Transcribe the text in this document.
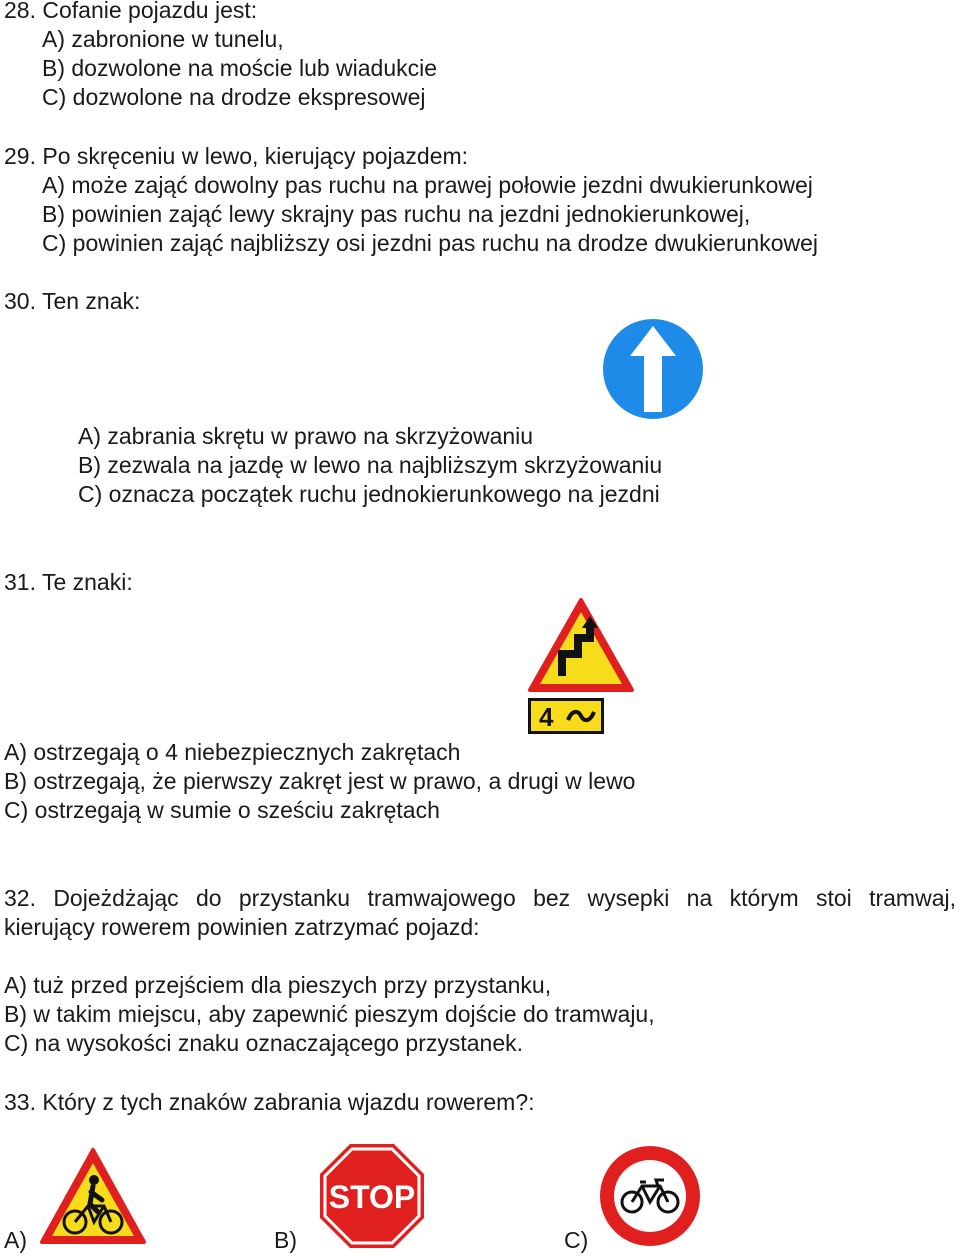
28. Cofanie pojazdu jest:
A) zabronione w tunelu,
B) dozwolone na moście lub wiadukcie
C) dozwolone na drodze ekspresowej
29. Po skręceniu w lewo, kierujący pojazdem:
A) może zająć dowolny pas ruchu na prawej połowie jezdni dwukierunkowej
B) powinien zająć lewy skrajny pas ruchu na jezdni jednokierunkowej,
C) powinien zająć najbliższy osi jezdni pas ruchu na drodze dwukierunkowej
30. Ten znak:
A) zabrania skrętu w prawo na skrzyżowaniu
B) zezwala na jazdę w lewo na najbliższym skrzyżowaniu
C) oznacza początek ruchu jednokierunkowego na jezdni
31. Te znaki:
4
A) ostrzegają o 4 niebezpiecznych zakrętach
B) ostrzegają, że pierwszy zakręt jest w prawo, a drugi w lewo
C) ostrzegają w sumie o sześciu zakrętach
32. Dojeżdżając do przystanku tramwajowego bez wysepki na którym stoi tramwaj,
kierujący rowerem powinien zatrzymać pojazd:
A) tuż przed przejściem dla pieszych przy przystanku,
B) w takim miejscu, aby zapewnić pieszym dojście do tramwaju,
C) na wysokości znaku oznaczającego przystanek.
33. Który z tych znaków zabrania wjazdu rowerem?:
A)
STOP
B)	C)
